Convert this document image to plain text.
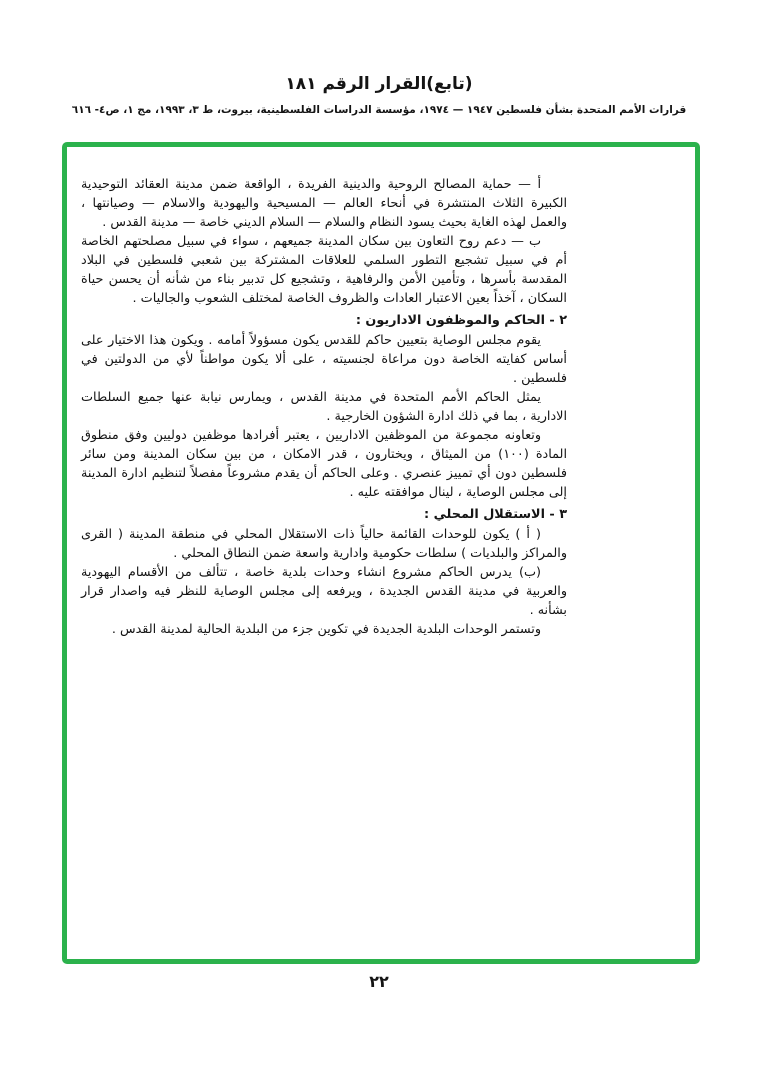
(تابع)القرار الرقم ١٨١
قرارات الأمم المتحدة بشأن فلسطين ١٩٤٧ — ١٩٧٤، مؤسسة الدراسات الفلسطينية، بيروت، ط ٣، ١٩٩٣، مج ١، ص٤- ٦١٦

أ — حماية المصالح الروحية والدينية الفريدة ، الواقعة ضمن مدينة العقائد التوحيدية الكبيرة الثلاث المنتشرة في أنحاء العالم — المسيحية واليهودية والاسلام — وصيانتها ، والعمل لهذه الغاية بحيث يسود النظام والسلام — السلام الديني خاصة — مدينة القدس .

ب — دعم روح التعاون بين سكان المدينة جميعهم ، سواء في سبيل مصلحتهم الخاصة أم في سبيل تشجيع التطور السلمي للعلاقات المشتركة بين شعبي فلسطين في البلاد المقدسة بأسرها ، وتأمين الأمن والرفاهية ، وتشجيع كل تدبير بناء من شأنه أن يحسن حياة السكان ، آخذاً بعين الاعتبار العادات والظروف الخاصة لمختلف الشعوب والجاليات .

٢ - الحاكم والموظفون الاداريون :

يقوم مجلس الوصاية بتعيين حاكم للقدس يكون مسؤولاً أمامه . ويكون هذا الاختيار على أساس كفايته الخاصة دون مراعاة لجنسيته ، على ألا يكون مواطناً لأي من الدولتين في فلسطين .

يمثل الحاكم الأمم المتحدة في مدينة القدس ، ويمارس نيابة عنها جميع السلطات الادارية ، بما في ذلك ادارة الشؤون الخارجية .

وتعاونه مجموعة من الموظفين الاداريين ، يعتبر أفرادها موظفين دوليين وفق منطوق المادة (١٠٠) من الميثاق ، ويختارون ، قدر الامكان ، من بين سكان المدينة ومن سائر فلسطين دون أي تمييز عنصري . وعلى الحاكم أن يقدم مشروعاً مفصلاً لتنظيم ادارة المدينة إلى مجلس الوصاية ، لينال موافقته عليه .

٣ - الاستقلال المحلي :

( أ ) يكون للوحدات القائمة حالياً ذات الاستقلال المحلي في منطقة المدينة ( القرى والمراكز والبلديات ) سلطات حكومية وادارية واسعة ضمن النطاق المحلي .

(ب) يدرس الحاكم مشروع انشاء وحدات بلدية خاصة ، تتألف من الأقسام اليهودية والعربية في مدينة القدس الجديدة ، ويرفعه إلى مجلس الوصاية للنظر فيه واصدار قرار بشأنه .

وتستمر الوحدات البلدية الجديدة في تكوين جزء من البلدية الحالية لمدينة القدس .

٢٢
